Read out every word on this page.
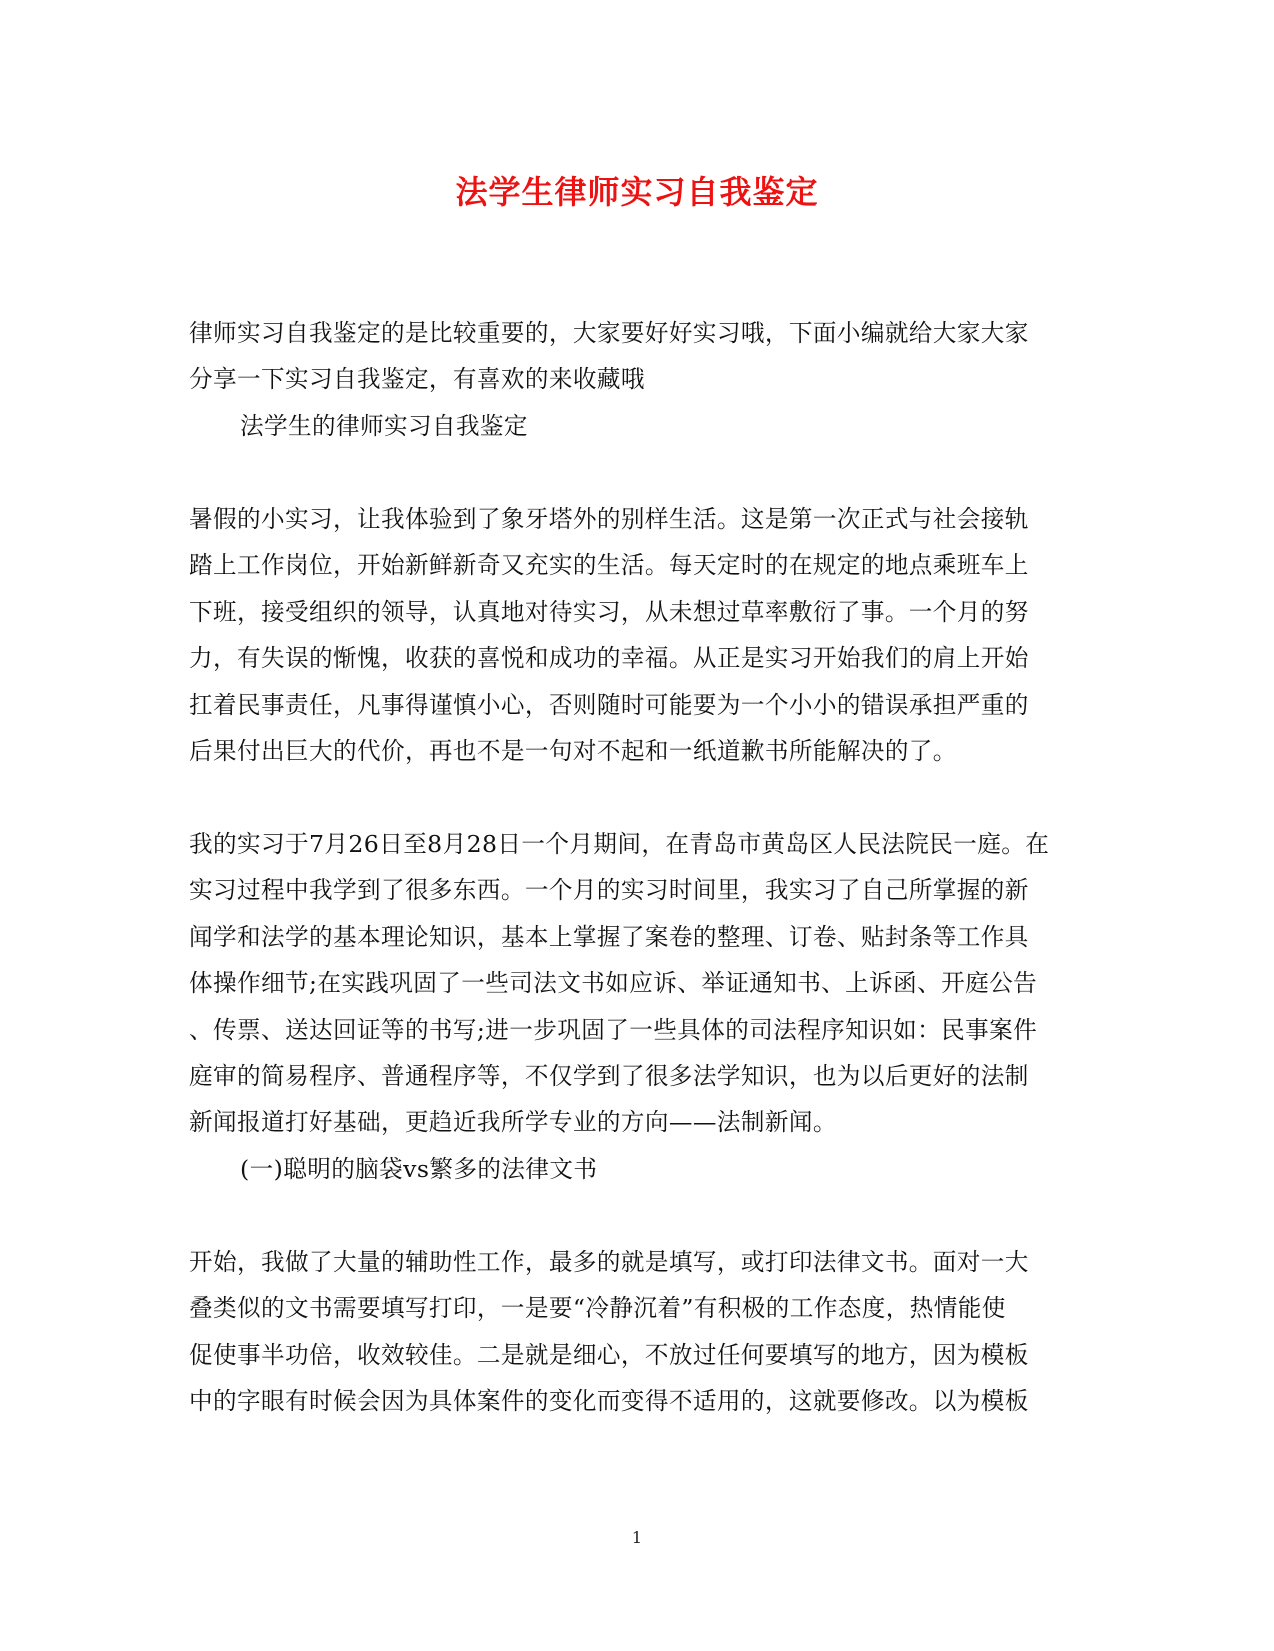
法学生律师实习自我鉴定
律师实习自我鉴定的是比较重要的，大家要好好实习哦，下面小编就给大家大家
分享一下实习自我鉴定，有喜欢的来收藏哦
法学生的律师实习自我鉴定
暑假的小实习，让我体验到了象牙塔外的别样生活。这是第一次正式与社会接轨
踏上工作岗位，开始新鲜新奇又充实的生活。每天定时的在规定的地点乘班车上
下班，接受组织的领导，认真地对待实习，从未想过草率敷衍了事。一个月的努
力，有失误的惭愧，收获的喜悦和成功的幸福。从正是实习开始我们的肩上开始
扛着民事责任，凡事得谨慎小心，否则随时可能要为一个小小的错误承担严重的
后果付出巨大的代价，再也不是一句对不起和一纸道歉书所能解决的了。
我的实习于7月26日至8月28日一个月期间，在青岛市黄岛区人民法院民一庭。在
实习过程中我学到了很多东西。一个月的实习时间里，我实习了自己所掌握的新
闻学和法学的基本理论知识，基本上掌握了案卷的整理、订卷、贴封条等工作具
体操作细节;在实践巩固了一些司法文书如应诉、举证通知书、上诉函、开庭公告
、传票、送达回证等的书写;进一步巩固了一些具体的司法程序知识如：民事案件
庭审的简易程序、普通程序等，不仅学到了很多法学知识，也为以后更好的法制
新闻报道打好基础，更趋近我所学专业的方向——法制新闻。
(一)聪明的脑袋vs繁多的法律文书
开始，我做了大量的辅助性工作，最多的就是填写，或打印法律文书。面对一大
叠类似的文书需要填写打印，一是要“冷静沉着”有积极的工作态度，热情能使
促使事半功倍，收效较佳。二是就是细心，不放过任何要填写的地方，因为模板
中的字眼有时候会因为具体案件的变化而变得不适用的，这就要修改。以为模板
1
